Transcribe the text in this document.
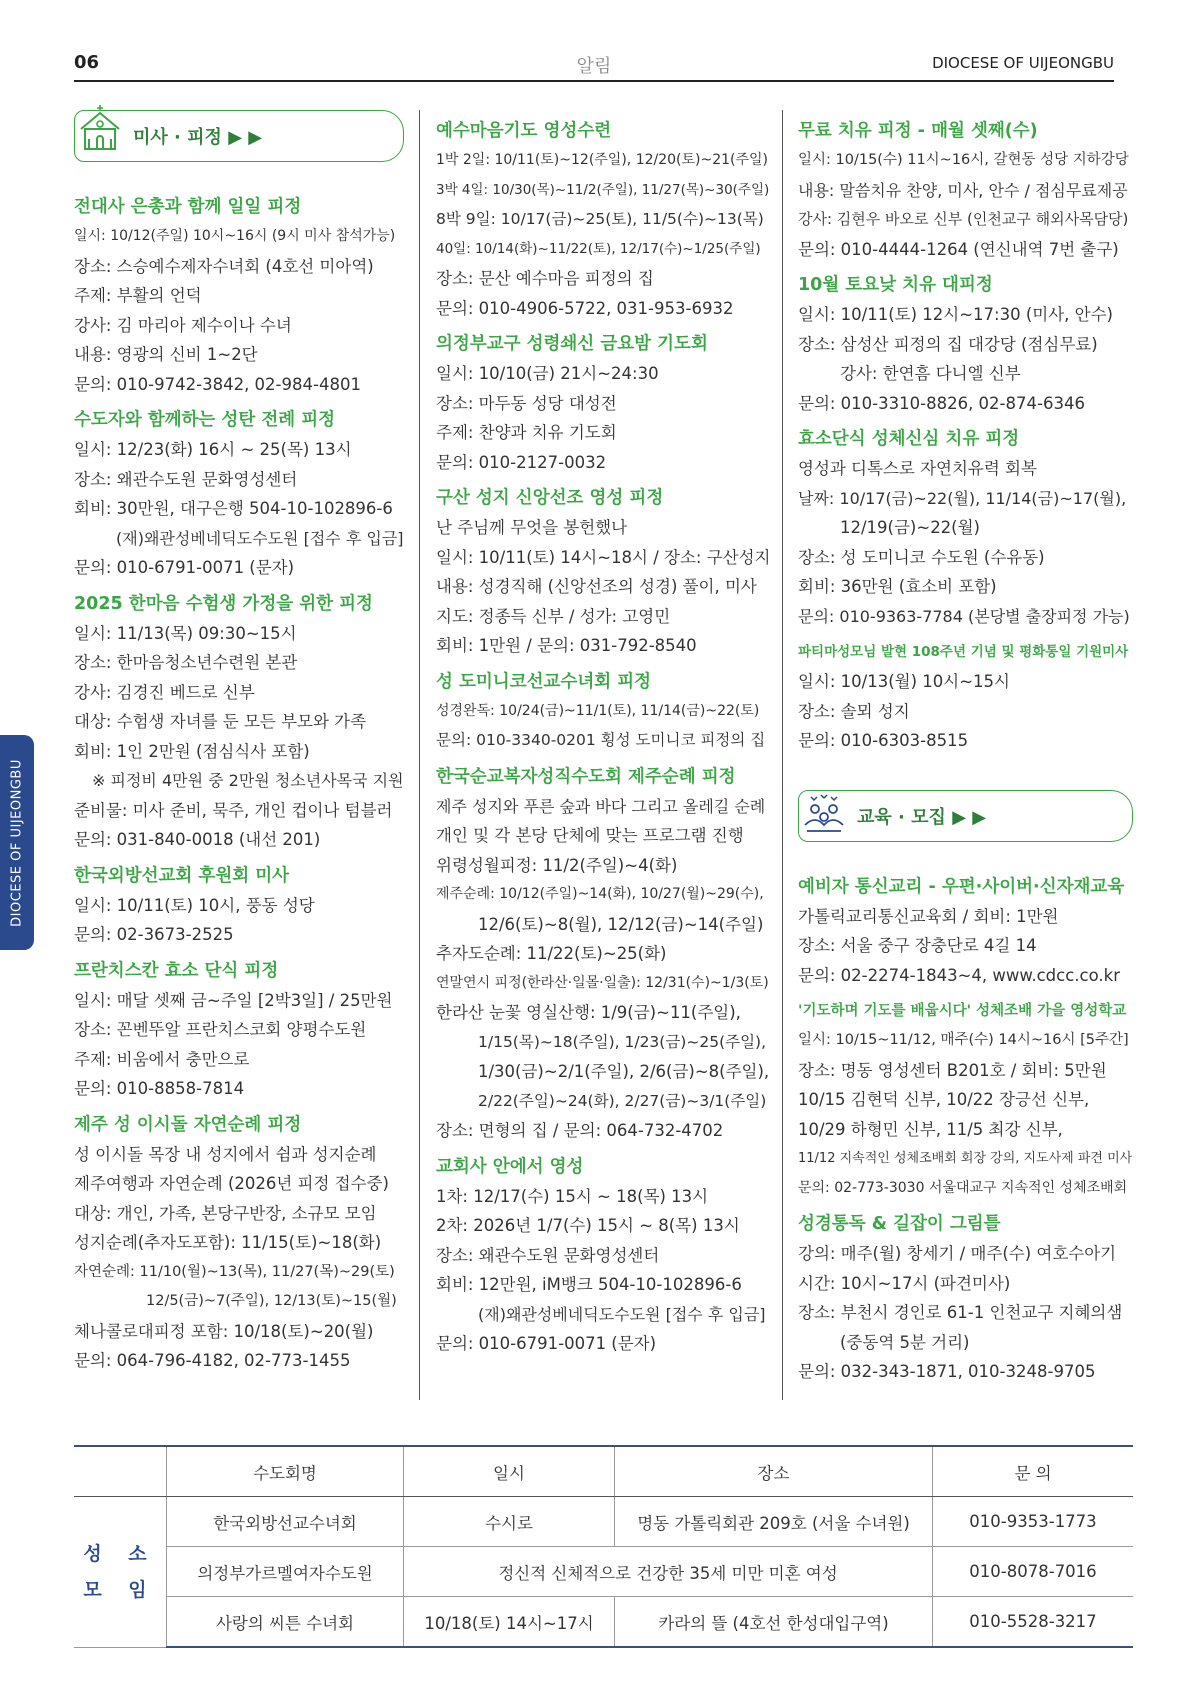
06	알림	DIOCESE OF UIJEONGBU
DIOCESE OF UIJEONGBU
미사 · 피정 ▶ ▶
전대사 은총과 함께 일일 피정
일시: 10/12(주일) 10시~16시 (9시 미사 참석가능)
장소: 스승예수제자수녀회 (4호선 미아역)
주제: 부활의 언덕
강사: 김 마리아 제수이나 수녀
내용: 영광의 신비 1~2단
문의: 010-9742-3842, 02-984-4801
수도자와 함께하는 성탄 전례 피정
일시: 12/23(화) 16시 ~ 25(목) 13시
장소: 왜관수도원 문화영성센터
회비: 30만원, 대구은행 504-10-102896-6
(재)왜관성베네딕도수도원 [접수 후 입금]
문의: 010-6791-0071 (문자)
2025 한마음 수험생 가정을 위한 피정
일시: 11/13(목) 09:30~15시
장소: 한마음청소년수련원 본관
강사: 김경진 베드로 신부
대상: 수험생 자녀를 둔 모든 부모와 가족
회비: 1인 2만원 (점심식사 포함)
※ 피정비 4만원 중 2만원 청소년사목국 지원
준비물: 미사 준비, 묵주, 개인 컵이나 텀블러
문의: 031-840-0018 (내선 201)
한국외방선교회 후원회 미사
일시: 10/11(토) 10시, 풍동 성당
문의: 02-3673-2525
프란치스칸 효소 단식 피정
일시: 매달 셋째 금~주일 [2박3일] / 25만원
장소: 꼰벤뚜알 프란치스코회 양평수도원
주제: 비움에서 충만으로
문의: 010-8858-7814
제주 성 이시돌 자연순례 피정
성 이시돌 목장 내 성지에서 쉼과 성지순례
제주여행과 자연순례 (2026년 피정 접수중)
대상: 개인, 가족, 본당구반장, 소규모 모임
성지순례(추자도포함): 11/15(토)~18(화)
자연순례: 11/10(월)~13(목), 11/27(목)~29(토)
12/5(금)~7(주일), 12/13(토)~15(월)
체나콜로대피정 포함: 10/18(토)~20(월)
문의: 064-796-4182, 02-773-1455
예수마음기도 영성수련
1박 2일: 10/11(토)~12(주일), 12/20(토)~21(주일)
3박 4일: 10/30(목)~11/2(주일), 11/27(목)~30(주일)
8박 9일: 10/17(금)~25(토), 11/5(수)~13(목)
40일: 10/14(화)~11/22(토), 12/17(수)~1/25(주일)
장소: 문산 예수마음 피정의 집
문의: 010-4906-5722, 031-953-6932
의정부교구 성령쇄신 금요밤 기도회
일시: 10/10(금) 21시~24:30
장소: 마두동 성당 대성전
주제: 찬양과 치유 기도회
문의: 010-2127-0032
구산 성지 신앙선조 영성 피정
난 주님께 무엇을 봉헌했나
일시: 10/11(토) 14시~18시 / 장소: 구산성지
내용: 성경직해 (신앙선조의 성경) 풀이, 미사
지도: 정종득 신부 / 성가: 고영민
회비: 1만원 / 문의: 031-792-8540
성 도미니코선교수녀회 피정
성경완독: 10/24(금)~11/1(토), 11/14(금)~22(토)
문의: 010-3340-0201 횡성 도미니코 피정의 집
한국순교복자성직수도회 제주순례 피정
제주 성지와 푸른 숲과 바다 그리고 올레길 순례
개인 및 각 본당 단체에 맞는 프로그램 진행
위령성월피정: 11/2(주일)~4(화)
제주순례: 10/12(주일)~14(화), 10/27(월)~29(수),
12/6(토)~8(월), 12/12(금)~14(주일)
추자도순례: 11/22(토)~25(화)
연말연시 피정(한라산·일몰·일출): 12/31(수)~1/3(토)
한라산 눈꽃 영실산행: 1/9(금)~11(주일),
1/15(목)~18(주일), 1/23(금)~25(주일),
1/30(금)~2/1(주일), 2/6(금)~8(주일),
2/22(주일)~24(화), 2/27(금)~3/1(주일)
장소: 면형의 집 / 문의: 064-732-4702
교회사 안에서 영성
1차: 12/17(수) 15시 ~ 18(목) 13시
2차: 2026년 1/7(수) 15시 ~ 8(목) 13시
장소: 왜관수도원 문화영성센터
회비: 12만원, iM뱅크 504-10-102896-6
(재)왜관성베네딕도수도원 [접수 후 입금]
문의: 010-6791-0071 (문자)
무료 치유 피정 - 매월 셋째(수)
일시: 10/15(수) 11시~16시, 갈현동 성당 지하강당
내용: 말씀치유 찬양, 미사, 안수 / 점심무료제공
강사: 김현우 바오로 신부 (인천교구 해외사목담당)
문의: 010-4444-1264 (연신내역 7번 출구)
10월 토요낮 치유 대피정
일시: 10/11(토) 12시~17:30 (미사, 안수)
장소: 삼성산 피정의 집 대강당 (점심무료)
강사: 한연흠 다니엘 신부
문의: 010-3310-8826, 02-874-6346
효소단식 성체신심 치유 피정
영성과 디톡스로 자연치유력 회복
날짜: 10/17(금)~22(월), 11/14(금)~17(월),
12/19(금)~22(월)
장소: 성 도미니코 수도원 (수유동)
회비: 36만원 (효소비 포함)
문의: 010-9363-7784 (본당별 출장피정 가능)
파티마성모님 발현 108주년 기념 및 평화통일 기원미사
일시: 10/13(월) 10시~15시
장소: 솔뫼 성지
문의: 010-6303-8515
교육 · 모집 ▶ ▶
예비자 통신교리 - 우편·사이버·신자재교육
가톨릭교리통신교육회 / 회비: 1만원
장소: 서울 중구 장충단로 4길 14
문의: 02-2274-1843~4, www.cdcc.co.kr
'기도하며 기도를 배웁시다' 성체조배 가을 영성학교
일시: 10/15~11/12, 매주(수) 14시~16시 [5주간]
장소: 명동 영성센터 B201호 / 회비: 5만원
10/15 김현덕 신부, 10/22 장긍선 신부,
10/29 하형민 신부, 11/5 최강 신부,
11/12 지속적인 성체조배회 회장 강의, 지도사제 파견 미사
문의: 02-773-3030 서울대교구 지속적인 성체조배회
성경통독 & 길잡이 그림틀
강의: 매주(월) 창세기 / 매주(수) 여호수아기
시간: 10시~17시 (파견미사)
장소: 부천시 경인로 61-1 인천교구 지혜의샘
(중동역 5분 거리)
문의: 032-343-1871, 010-3248-9705
	수도회명	일시	장소	문 의

성 소
모 임	한국외방선교수녀회	수시로	명동 가톨릭회관 209호 (서울 수녀원)	010-9353-1773
	의정부가르멜여자수도원	정신적 신체적으로 건강한 35세 미만 미혼 여성		010-8078-7016
	사랑의 씨튼 수녀회	10/18(토) 14시~17시	카라의 뜰 (4호선 한성대입구역)	010-5528-3217
